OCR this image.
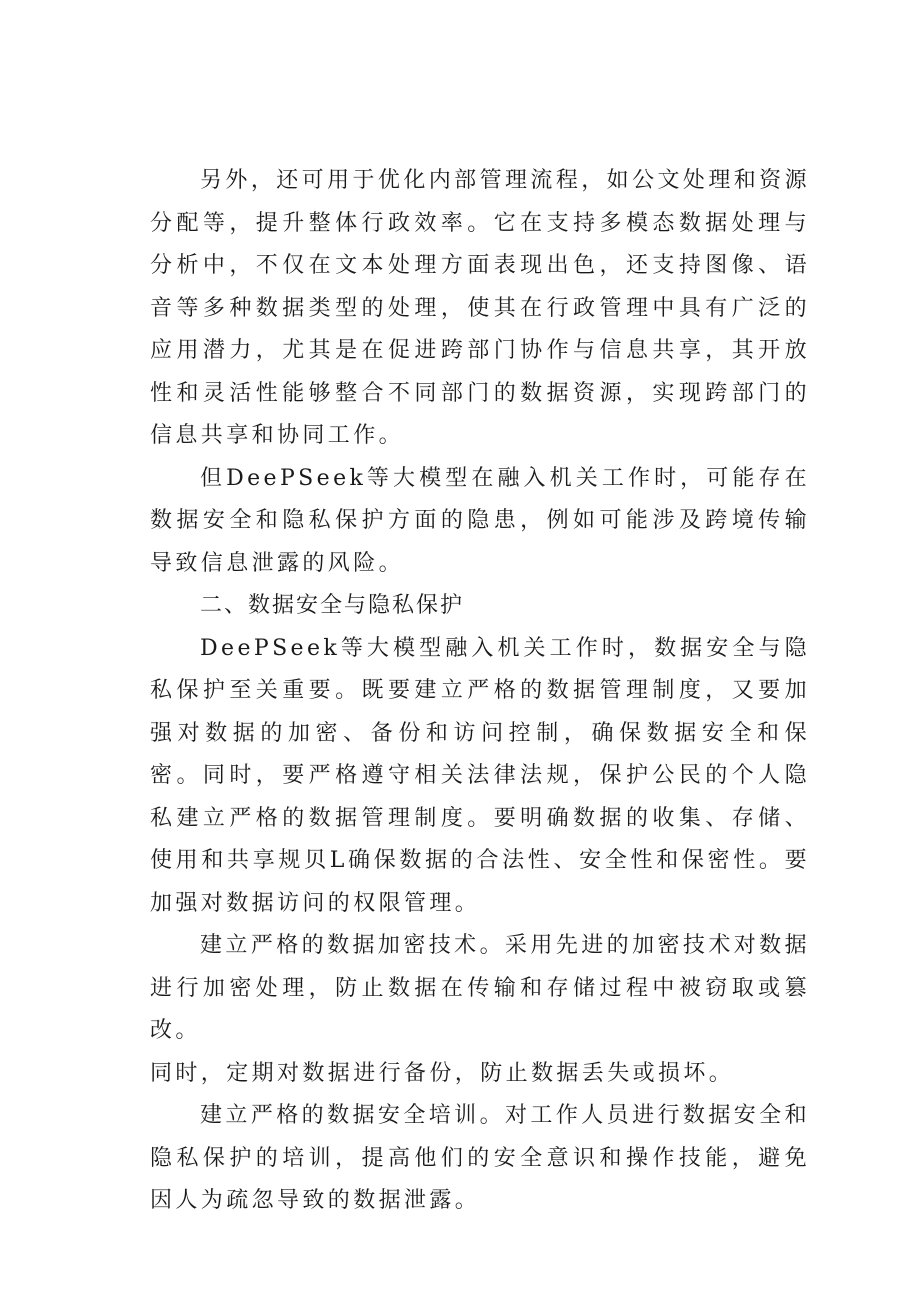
另外，还可用于优化内部管理流程，如公文处理和资源分配等，提升整体行政效率。它在支持多模态数据处理与分析中，不仅在文本处理方面表现出色，还支持图像、语音等多种数据类型的处理，使其在行政管理中具有广泛的应用潜力，尤其是在促进跨部门协作与信息共享，其开放性和灵活性能够整合不同部门的数据资源，实现跨部门的信息共享和协同工作。

但DeePSeek等大模型在融入机关工作时，可能存在数据安全和隐私保护方面的隐患，例如可能涉及跨境传输导致信息泄露的风险。

二、数据安全与隐私保护

DeePSeek等大模型融入机关工作时，数据安全与隐私保护至关重要。既要建立严格的数据管理制度，又要加强对数据的加密、备份和访问控制，确保数据安全和保密。同时，要严格遵守相关法律法规，保护公民的个人隐私建立严格的数据管理制度。要明确数据的收集、存储、使用和共享规贝L确保数据的合法性、安全性和保密性。要加强对数据访问的权限管理。

建立严格的数据加密技术。采用先进的加密技术对数据进行加密处理，防止数据在传输和存储过程中被窃取或篡改。

同时，定期对数据进行备份，防止数据丢失或损坏。

建立严格的数据安全培训。对工作人员进行数据安全和隐私保护的培训，提高他们的安全意识和操作技能，避免因人为疏忽导致的数据泄露。
